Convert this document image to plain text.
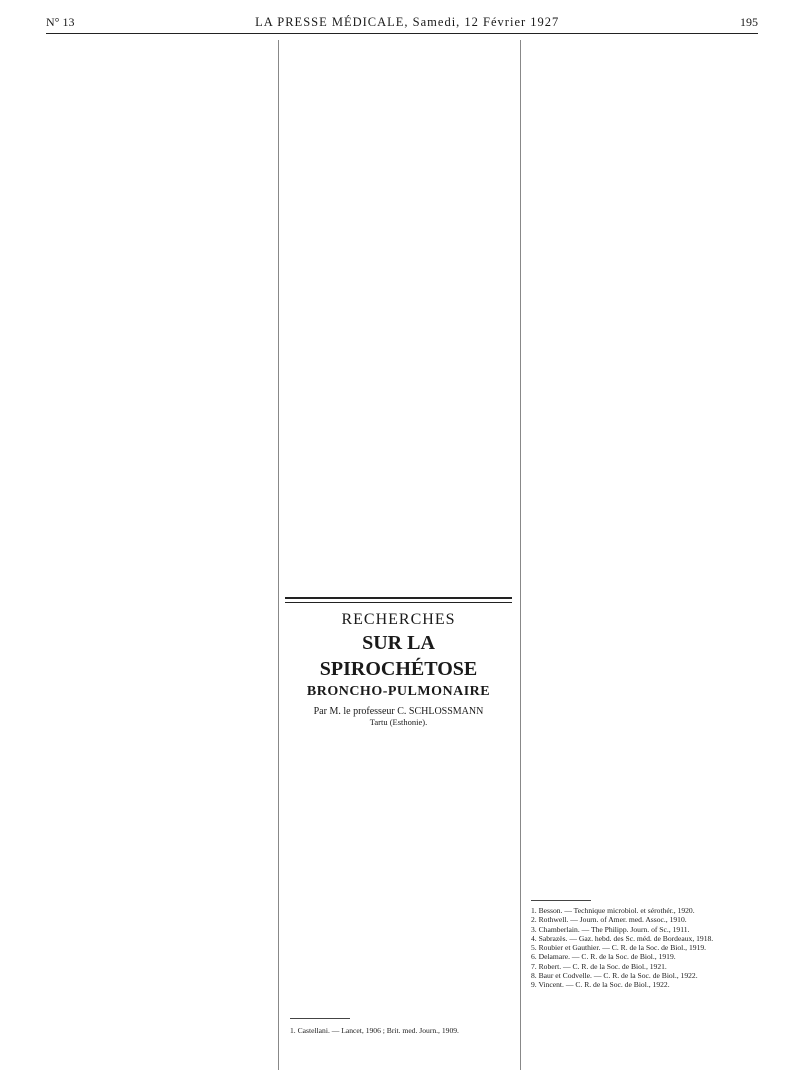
N° 13	LA PRESSE MÉDICALE, Samedi, 12 Février 1927	195
RECHERCHES
SUR LA SPIROCHÉTOSE
BRONCHO-PULMONAIRE
Par M. le professeur C. SCHLOSSMANN
Tartu (Esthonie).
1. Castellani. — Lancet, 1906 ; Brit. med. Journ., 1909.
1. Besson. — Technique microbiol. et sérothér., 1920.
2. Rothwell. — Journ. of Amer. med. Assoc., 1910.
3. Chamberlain. — The Philipp. Journ. of Sc., 1911.
4. Sabrazès. — Gaz. hebd. des Sc. méd. de Bordeaux, 1918.
5. Roubier et Gauthier. — C. R. de la Soc. de Biol., 1919.
6. Delamare. — C. R. de la Soc. de Biol., 1919.
7. Robert. — C. R. de la Soc. de Biol., 1921.
8. Baur et Codvelle. — C. R. de la Soc. de Biol., 1922.
9. Vincent. — C. R. de la Soc. de Biol., 1922.
